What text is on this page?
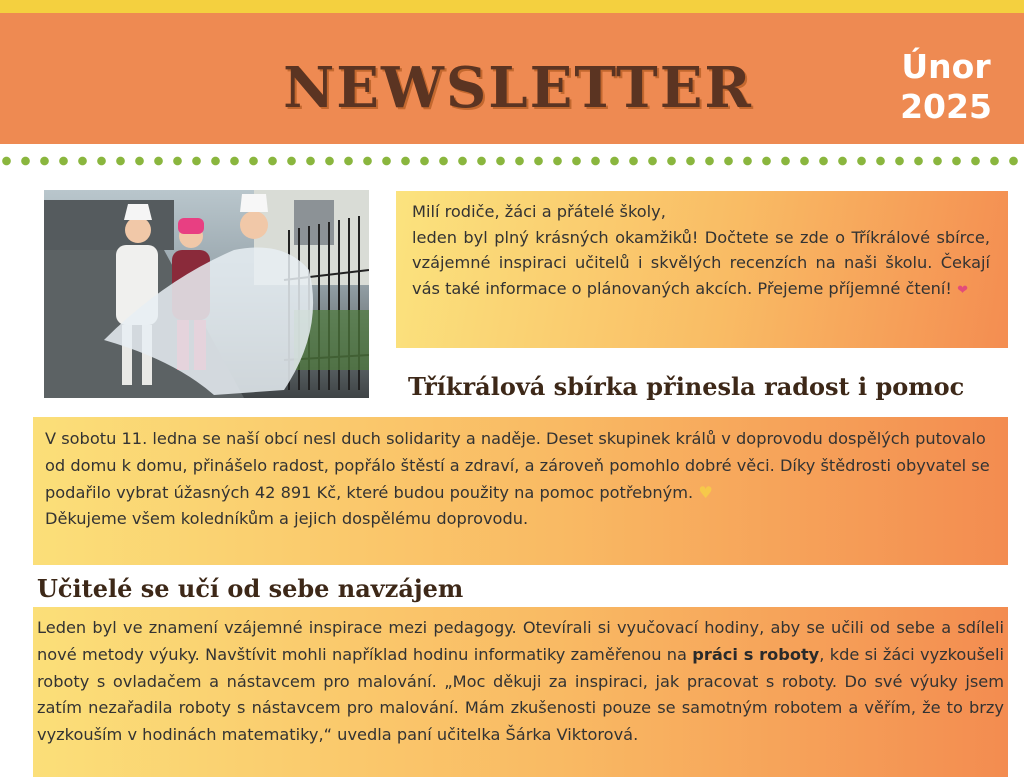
NEWSLETTER	Únor
2025

Milí rodiče, žáci a přátelé školy,

leden byl plný krásných okamžiků! Dočtete se zde o Tříkrálové sbírce, vzájemné inspiraci učitelů i skvělých recenzích na naši školu. Čekají vás také informace o plánovaných akcích. Přejeme příjemné čtení! ❤

Tříkrálová sbírka přinesla radost i pomoc

V sobotu 11. ledna se naší obcí nesl duch solidarity a naděje. Deset skupinek králů v doprovodu dospělých putovalo od domu k domu, přinášelo radost, popřálo štěstí a zdraví, a zároveň pomohlo dobré věci. Díky štědrosti obyvatel se podařilo vybrat úžasných 42 891 Kč, které budou použity na pomoc potřebným. ♥

Děkujeme všem koledníkům a jejich dospělému doprovodu.

Učitelé se učí od sebe navzájem

Leden byl ve znamení vzájemné inspirace mezi pedagogy. Otevírali si vyučovací hodiny, aby se učili od sebe a sdíleli nové metody výuky. Navštívit mohli například hodinu informatiky zaměřenou na práci s roboty, kde si žáci vyzkoušeli roboty s ovladačem a nástavcem pro malování. „Moc děkuji za inspiraci, jak pracovat s roboty. Do své výuky jsem zatím nezařadila roboty s nástavcem pro malování. Mám zkušenosti pouze se samotným robotem a věřím, že to brzy vyzkouším v hodinách matematiky,“ uvedla paní učitelka Šárka Viktorová.
